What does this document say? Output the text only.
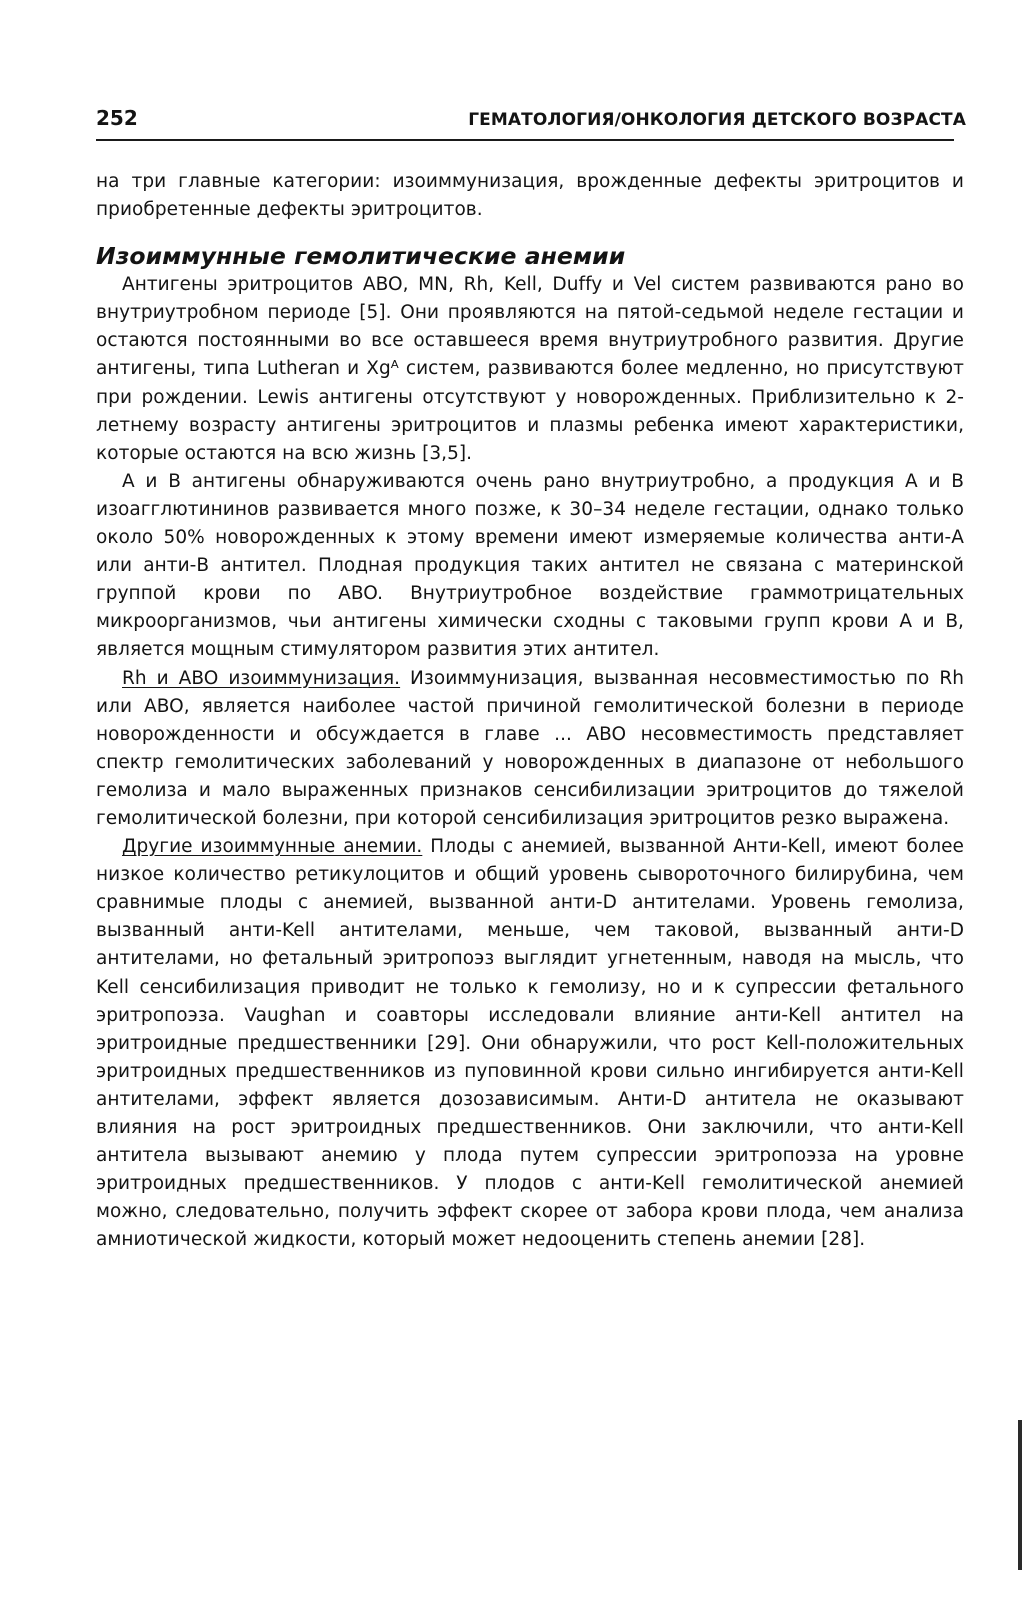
252	ГЕМАТОЛОГИЯ/ОНКОЛОГИЯ ДЕТСКОГО ВОЗРАСТА

на три главные категории: изоиммунизация, врожденные дефекты эритроцитов и приобретенные дефекты эритроцитов.

Изоиммунные гемолитические анемии

Антигены эритроцитов ABO, MN, Rh, Kell, Duffy и Vel систем развиваются рано во внутриутробном периоде [5]. Они проявляются на пятой-седьмой неделе гестации и остаются постоянными во все оставшееся время внутриутробного развития. Другие антигены, типа Lutheran и Xgᴬ систем, развиваются более медленно, но присутствуют при рождении. Lewis антигены отсутствуют у новорожденных. Приблизительно к 2-летнему возрасту антигены эритроцитов и плазмы ребенка имеют характеристики, которые остаются на всю жизнь [3,5].

А и В антигены обнаруживаются очень рано внутриутробно, а продукция А и В изоагглютининов развивается много позже, к 30–34 неделе гестации, однако только около 50% новорожденных к этому времени имеют измеряемые количества анти-А или анти-В антител. Плодная продукция таких антител не связана с материнской группой крови по ABO. Внутриутробное воздействие граммотрицательных микроорганизмов, чьи антигены химически сходны с таковыми групп крови А и В, является мощным стимулятором развития этих антител.

Rh и ABO изоиммунизация. Изоиммунизация, вызванная несовместимостью по Rh или ABO, является наиболее частой причиной гемолитической болезни в периоде новорожденности и обсуждается в главе ... ABO несовместимость представляет спектр гемолитических заболеваний у новорожденных в диапазоне от небольшого гемолиза и мало выраженных признаков сенсибилизации эритроцитов до тяжелой гемолитической болезни, при которой сенсибилизация эритроцитов резко выражена.

Другие изоиммунные анемии. Плоды с анемией, вызванной Анти-Kell, имеют более низкое количество ретикулоцитов и общий уровень сывороточного билирубина, чем сравнимые плоды с анемией, вызванной анти-D антителами. Уровень гемолиза, вызванный анти-Kell антителами, меньше, чем таковой, вызванный анти-D антителами, но фетальный эритропоэз выглядит угнетенным, наводя на мысль, что Kell сенсибилизация приводит не только к гемолизу, но и к супрессии фетального эритропоэза. Vaughan и соавторы исследовали влияние анти-Kell антител на эритроидные предшественники [29]. Они обнаружили, что рост Kell-положительных эритроидных предшественников из пуповинной крови сильно ингибируется анти-Kell антителами, эффект является дозозависимым. Анти-D антитела не оказывают влияния на рост эритроидных предшественников. Они заключили, что анти-Kell антитела вызывают анемию у плода путем супрессии эритропоэза на уровне эритроидных предшественников. У плодов с анти-Kell гемолитической анемией можно, следовательно, получить эффект скорее от забора крови плода, чем анализа амниотической жидкости, который может недооценить степень анемии [28].
